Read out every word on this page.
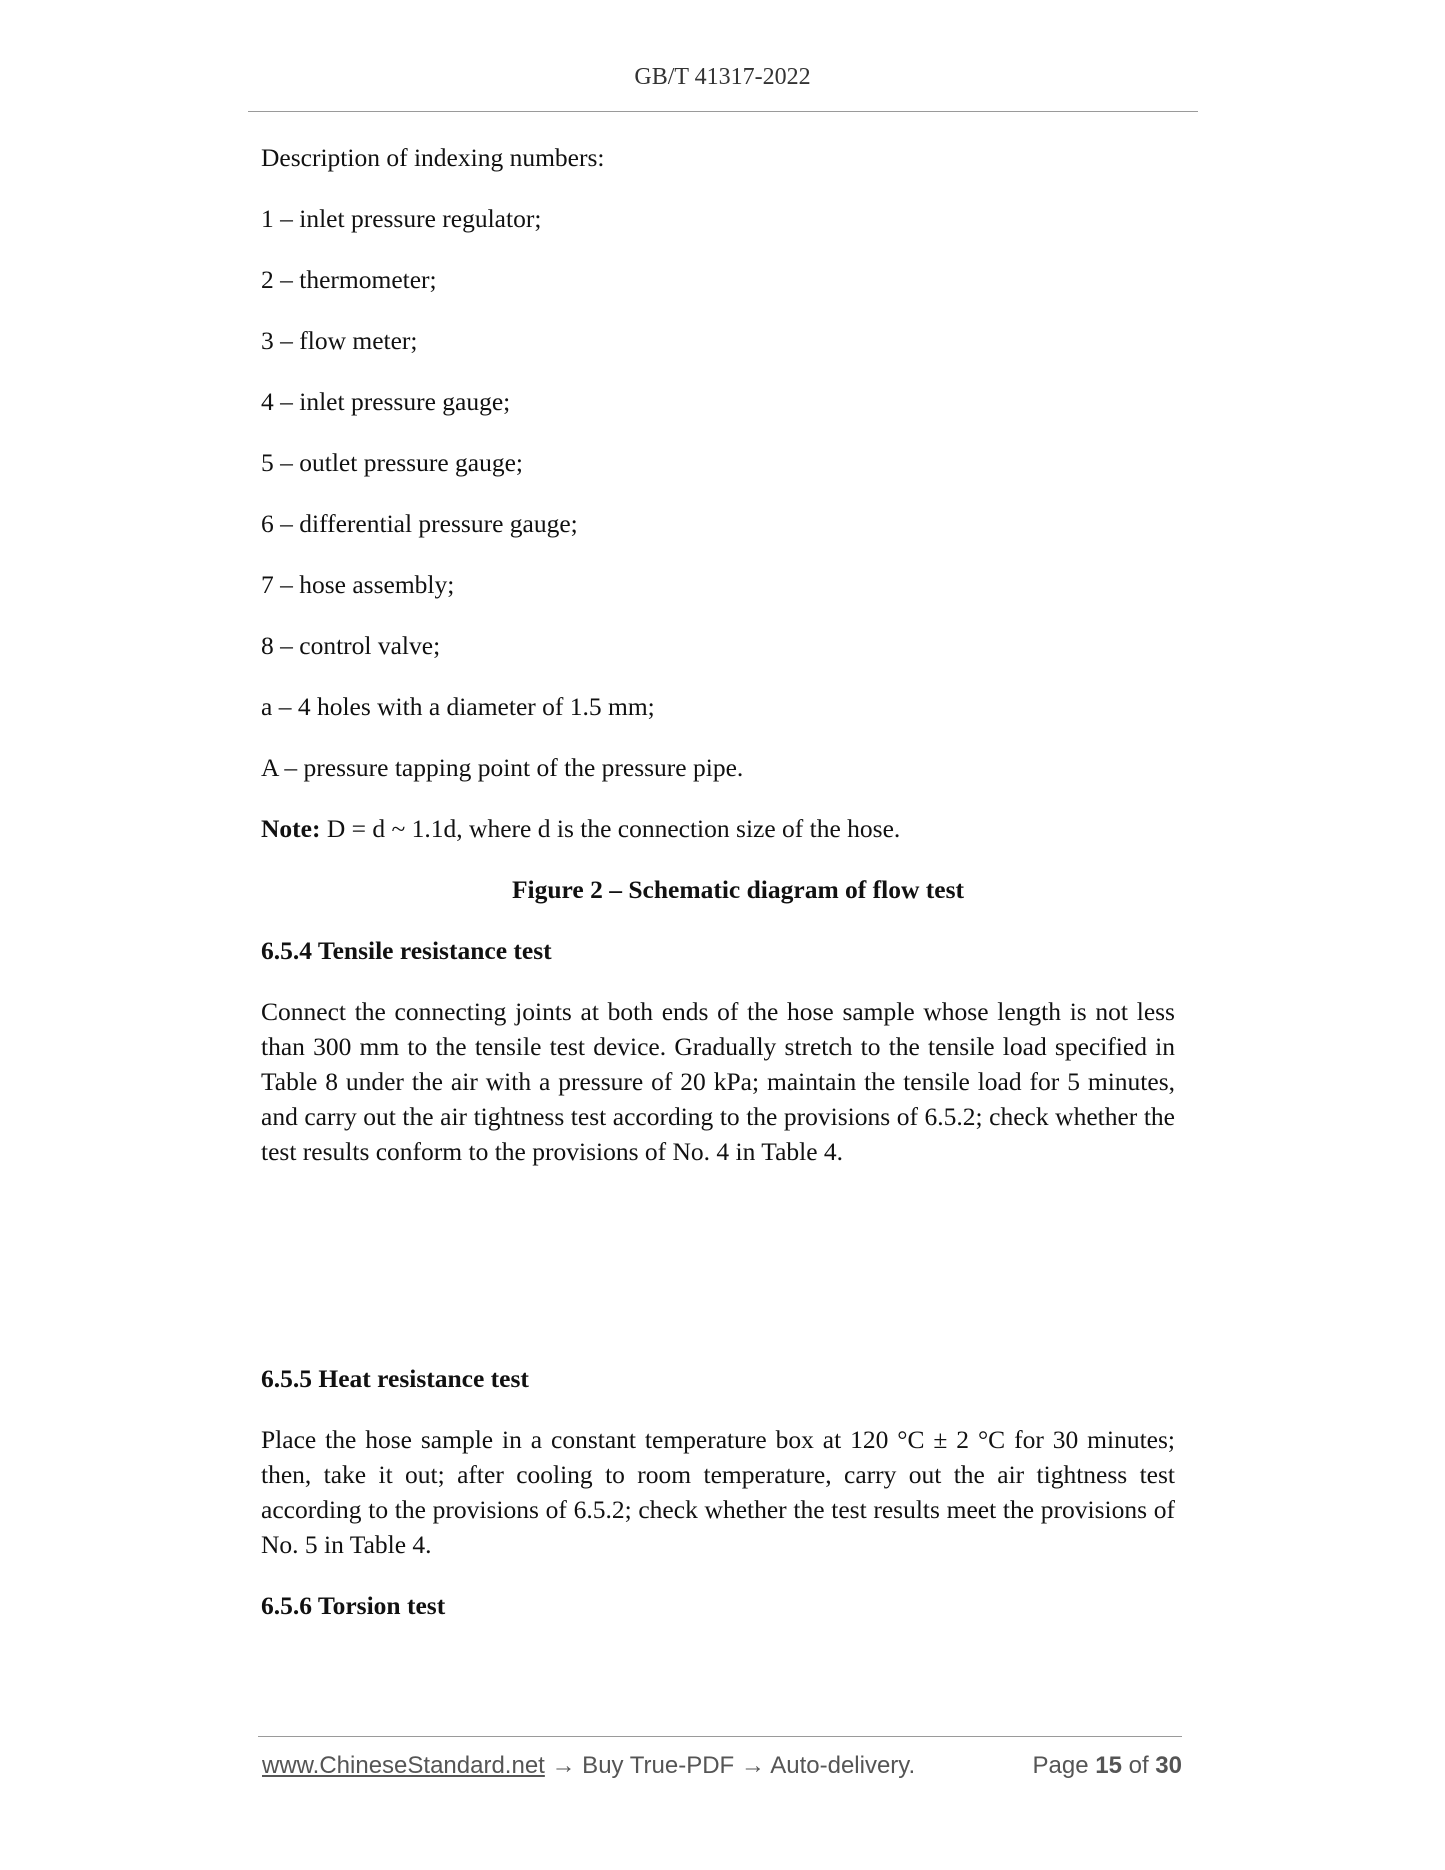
GB/T 41317-2022

Description of indexing numbers:

1 – inlet pressure regulator;
2 – thermometer;
3 – flow meter;
4 – inlet pressure gauge;
5 – outlet pressure gauge;
6 – differential pressure gauge;
7 – hose assembly;
8 – control valve;
a – 4 holes with a diameter of 1.5 mm;
A – pressure tapping point of the pressure pipe.

Note: D = d ~ 1.1d, where d is the connection size of the hose.

Figure 2 – Schematic diagram of flow test
6.5.4 Tensile resistance test
Connect the connecting joints at both ends of the hose sample whose length is not less than 300 mm to the tensile test device. Gradually stretch to the tensile load specified in Table 8 under the air with a pressure of 20 kPa; maintain the tensile load for 5 minutes, and carry out the air tightness test according to the provisions of 6.5.2; check whether the test results conform to the provisions of No. 4 in Table 4.
6.5.5 Heat resistance test
Place the hose sample in a constant temperature box at 120 °C ± 2 °C for 30 minutes; then, take it out; after cooling to room temperature, carry out the air tightness test according to the provisions of 6.5.2; check whether the test results meet the provisions of No. 5 in Table 4.
6.5.6 Torsion test
www.ChineseStandard.net → Buy True-PDF → Auto-delivery.	Page 15 of 30
